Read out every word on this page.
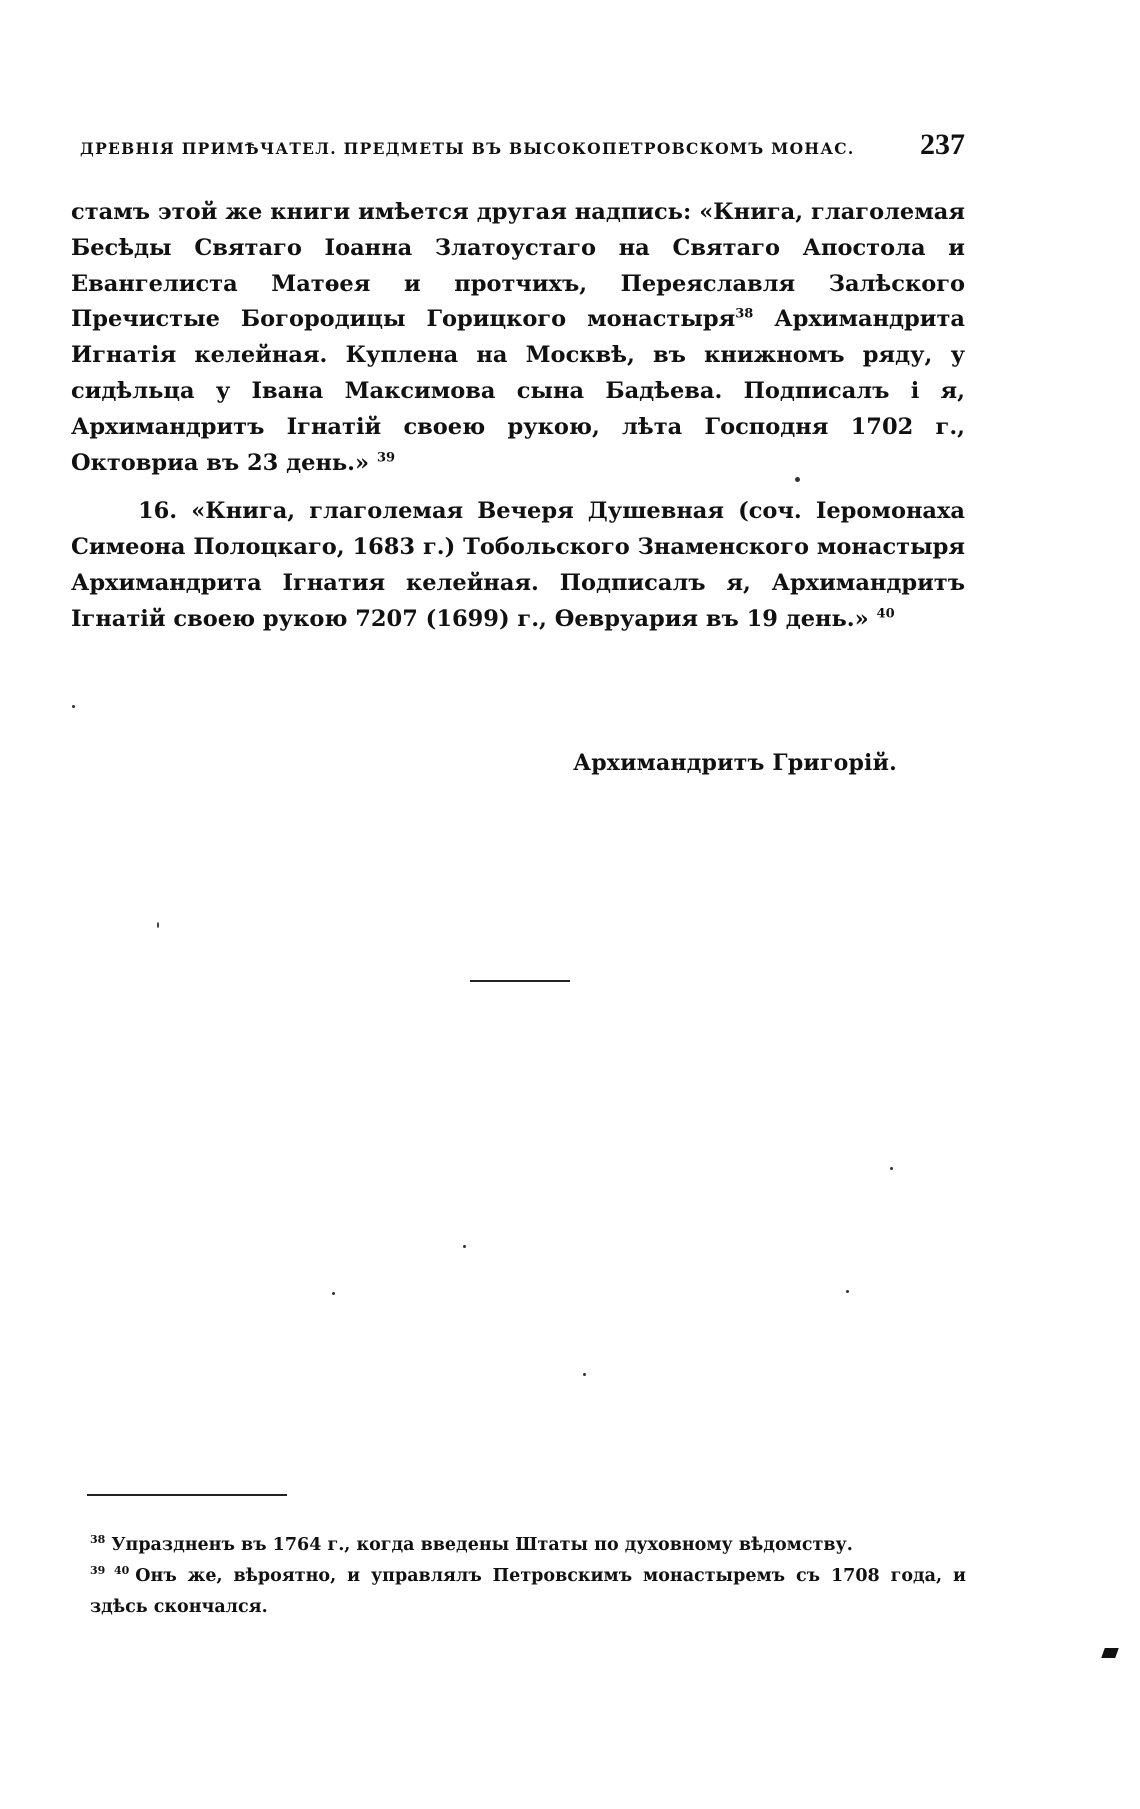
ДРЕВНІЯ ПРИМѢЧАТЕЛ. ПРЕДМЕТЫ ВЪ ВЫСОКОПЕТРОВСКОМЪ МОНАС. 237

стамъ этой же книги имѣется другая надпись: «Книга, глаголемая Бесѣды Святаго Іоанна Златоустаго на Святаго Апостола и Евангелиста Матѳея и протчихъ, Переяславля Залѣского Пречистые Богородицы Горицкого монастыря$^{38}$ Архимандрита Игнатія келейная. Куплена на Москвѣ, въ книжномъ ряду, у сидѣльца у Івана Максимова сына Бадѣева. Подписалъ і я, Архимандритъ Ігнатій своею рукою, лѣта Господня 1702 г., Октовриа въ 23 день.» $^{39}$

16. «Книга, глаголемая Вечеря Душевная (соч. Іеромонаха Симеона Полоцкаго, 1683 г.) Тобольского Знаменского монастыря Архимандрита Ігнатия келейная. Подписалъ я, Архимандритъ Ігнатій своею рукою 7207 (1699) г., Ѳевруария въ 19 день.» $^{40}$

Архимандритъ Григорій.

$^{38}$ Упраздненъ въ 1764 г., когда введены Штаты по духовному вѣдомству.

$^{39 40}$ Онъ же, вѣроятно, и управлялъ Петровскимъ монастыремъ съ 1708 года, и здѣсь скончался.
